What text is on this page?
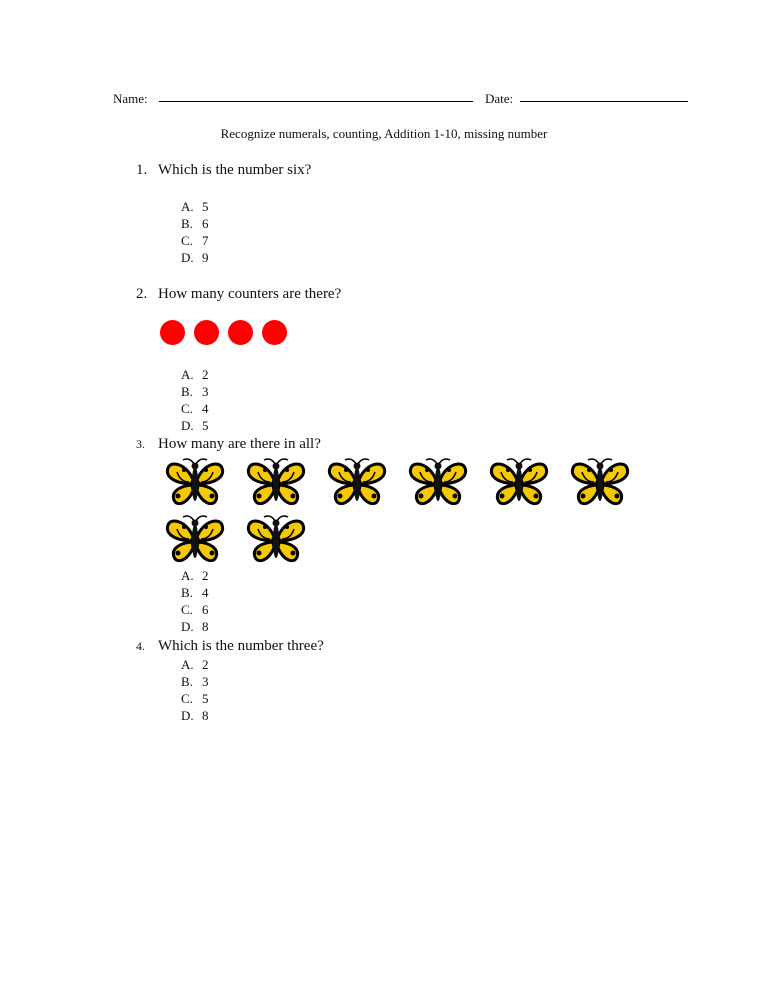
Name:	Date:
Recognize numerals, counting, Addition 1-10, missing number
1. Which is the number six?
A. 5
B. 6
C. 7
D. 9
2. How many counters are there?
A. 2
B. 3
C. 4
D. 5
3. How many are there in all?
A. 2
B. 4
C. 6
D. 8
4. Which is the number three?
A. 2
B. 3
C. 5
D. 8
